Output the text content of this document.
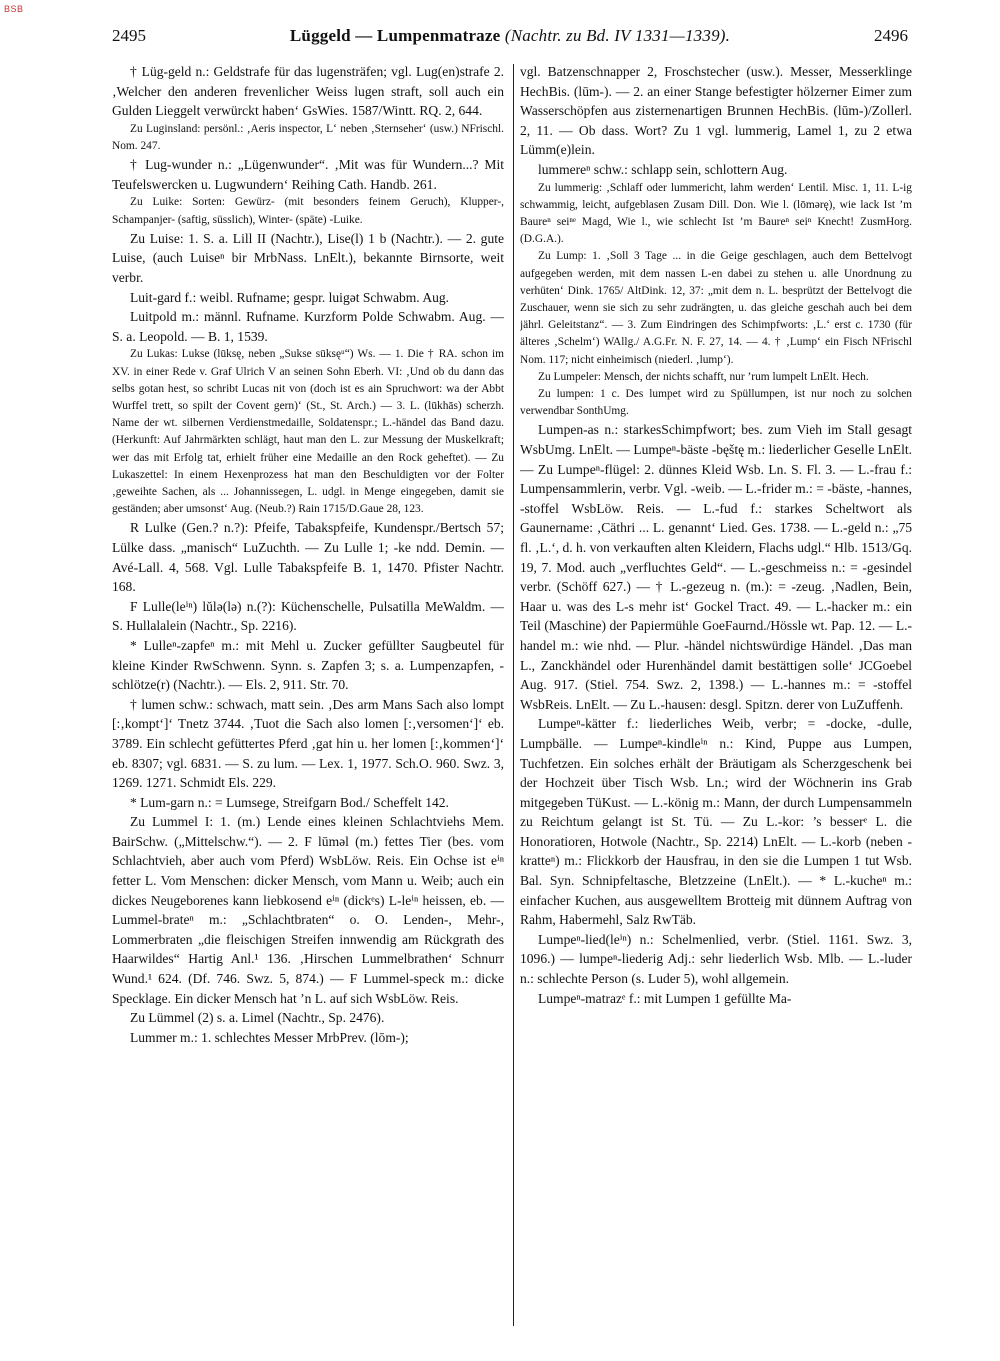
BSB
2495	Lüggeld — Lumpenmatraze (Nachtr. zu Bd. IV 1331—1339).	2496

† Lüg-geld n.: Geldstrafe für das lugensträfen; vgl. Lug(en)strafe 2. ‚Welcher den anderen frevenlicher Weiss lugen straft, soll auch ein Gulden Lieggelt verwürckt haben‘ GsWies. 1587/Wintt. RQ. 2, 644.

Zu Luginsland: persönl.: ‚Aeris inspector, L‘ neben ‚Sternseher‘ (usw.) NFrischl. Nom. 247.

† Lug-wunder n.: „Lügenwunder“. ‚Mit was für Wundern...? Mit Teufelswercken u. Lugwundern‘ Reihing Cath. Handb. 261.

Zu Luike: Sorten: Gewürz- (mit besonders feinem Geruch), Klupper-, Schampanjer- (saftig, süsslich), Winter- (späte) -Luike.

Zu Luise: 1. S. a. Lill II (Nachtr.), Lise(l) 1 b (Nachtr.). — 2. gute Luise, (auch Luiseⁿ bir MrbNass. LnElt.), bekannte Birnsorte, weit verbr.

Luit-gard f.: weibl. Rufname; gespr. luigət Schwabm. Aug.

Luitpold m.: männl. Rufname. Kurzform Polde Schwabm. Aug. — S. a. Leopold. — B. 1, 1539.

Zu Lukas: Lukse (lūksę, neben „Sukse sūksęᵘ“) Ws. — 1. Die † RA. schon im XV. in einer Rede v. Graf Ulrich V an seinen Sohn Eberh. VI: ‚Und ob du dann das selbs gotan hest, so schribt Lucas nit von (doch ist es ain Spruchwort: wa der Abbt Wurffel trett, so spilt der Covent gern)‘ (St., St. Arch.) — 3. L. (lūkhās) scherzh. Name der wt. silbernen Verdienstmedaille, Soldatenspr.; L.-händel das Band dazu. (Herkunft: Auf Jahrmärkten schlägt, haut man den L. zur Messung der Muskelkraft; wer das mit Erfolg tat, erhielt früher eine Medaille an den Rock geheftet). — Zu Lukaszettel: In einem Hexenprozess hat man den Beschuldigten vor der Folter ‚geweihte Sachen, als ... Johannissegen, L. udgl. in Menge eingegeben, damit sie geständen; aber umsonst‘ Aug. (Neub.?) Rain 1715/D.Gaue 28, 123.

R Lulke (Gen.? n.?): Pfeife, Tabakspfeife, Kundenspr./Bertsch 57; Lülke dass. „manisch“ LuZuchth. — Zu Lulle 1; -ke ndd. Demin. — Avé-Lall. 4, 568. Vgl. Lulle Tabakspfeife B. 1, 1470. Pfister Nachtr. 168.

F Lulle(leⁱⁿ) lŭlə(lə) n.(?): Küchenschelle, Pulsatilla MeWaldm. — S. Hullalalein (Nachtr., Sp. 2216).

* Lulleⁿ-zapfeⁿ m.: mit Mehl u. Zucker gefüllter Saugbeutel für kleine Kinder RwSchwenn. Synn. s. Zapfen 3; s. a. Lumpenzapfen, -schlötze(r) (Nachtr.). — Els. 2, 911. Str. 70.

† lumen schw.: schwach, matt sein. ‚Des arm Mans Sach also lompt [:‚kompt‘]‘ Tnetz 3744. ‚Tuot die Sach also lomen [:‚versomen‘]‘ eb. 3789. Ein schlecht gefüttertes Pferd ‚gat hin u. her lomen [:‚kommen‘]‘ eb. 8307; vgl. 6831. — S. zu lum. — Lex. 1, 1977. Sch.O. 960. Swz. 3, 1269. 1271. Schmidt Els. 229.

* Lum-garn n.: = Lumsege, Streifgarn Bod./ Scheffelt 142.

Zu Lummel I: 1. (m.) Lende eines kleinen Schlachtviehs Mem. BairSchw. („Mittelschw.“). — 2. F lūməl (m.) fettes Tier (bes. vom Schlachtvieh, aber auch vom Pferd) WsbLöw. Reis. Ein Ochse ist eⁱⁿ fetter L. Vom Menschen: dicker Mensch, vom Mann u. Weib; auch ein dickes Neugeborenes kann liebkosend eⁱⁿ (dickᵉs) L-leⁱⁿ heissen, eb. — Lummel-brateⁿ m.: „Schlachtbraten“ o. O. Lenden-, Mehr-, Lommerbraten „die fleischigen Streifen innwendig am Rückgrath des Haarwildes“ Hartig Anl.¹ 136. ‚Hirschen Lummelbrathen‘ Schnurr Wund.¹ 624. (Df. 746. Swz. 5, 874.) — F Lummel-speck m.: dicke Specklage. Ein dicker Mensch hat ’n L. auf sich WsbLöw. Reis.

Zu Lümmel (2) s. a. Limel (Nachtr., Sp. 2476).

Lummer m.: 1. schlechtes Messer MrbPrev. (lōm-);

vgl. Batzenschnapper 2, Froschstecher (usw.). Messer, Messerklinge HechBis. (lūm-). — 2. an einer Stange befestigter hölzerner Eimer zum Wasserschöpfen aus zisternenartigen Brunnen HechBis. (lūm-)/Zollerl. 2, 11. — Ob dass. Wort? Zu 1 vgl. lummerig, Lamel 1, zu 2 etwa Lümm(e)lein.

lummereⁿ schw.: schlapp sein, schlottern Aug.

Zu lummerig: ‚Schlaff oder lummericht, lahm werden‘ Lentil. Misc. 1, 11. L-ig schwammig, leicht, aufgeblasen Zusam Dill. Don. Wie l. (lōmərę), wie lack Ist ’m Baureⁿ seiⁿᵉ Magd, Wie l., wie schlecht Ist ’m Baureⁿ seiⁿ Knecht! ZusmHorg. (D.G.A.).

Zu Lump: 1. ‚Soll 3 Tage ... in die Geige geschlagen, auch dem Bettelvogt aufgegeben werden, mit dem nassen L-en dabei zu stehen u. alle Unordnung zu verhüten‘ Dink. 1765/ AltDink. 12, 37: „mit dem n. L. besprützt der Bettelvogt die Zuschauer, wenn sie sich zu sehr zudrängten, u. das gleiche geschah auch bei dem jährl. Geleitstanz“. — 3. Zum Eindringen des Schimpfworts: ‚L.‘ erst c. 1730 (für älteres ‚Schelm‘) WAllg./ A.G.Fr. N. F. 27, 14. — 4. † ‚Lump‘ ein Fisch NFrischl Nom. 117; nicht einheimisch (niederl. ‚lump‘).

Zu Lumpeler: Mensch, der nichts schafft, nur ’rum lumpelt LnElt. Hech.

Zu lumpen: 1 c. Des lumpet wird zu Spüllumpen, ist nur noch zu solchen verwendbar SonthUmg.

Lumpen-as n.: starkesSchimpfwort; bes. zum Vieh im Stall gesagt WsbUmg. LnElt. — Lumpeⁿ-bäste -bęštę m.: liederlicher Geselle LnElt. — Zu Lumpeⁿ-flügel: 2. dünnes Kleid Wsb. Ln. S. Fl. 3. — L.-frau f.: Lumpensammlerin, verbr. Vgl. -weib. — L.-frider m.: = -bäste, -hannes, -stoffel WsbLöw. Reis. — L.-fud f.: starkes Scheltwort als Gaunername: ‚Cäthri ... L. genannt‘ Lied. Ges. 1738. — L.-geld n.: „75 fl. ‚L.‘, d. h. von verkauften alten Kleidern, Flachs udgl.“ Hlb. 1513/Gq. 19, 7. Mod. auch „verfluchtes Geld“. — L.-geschmeiss n.: = -gesindel verbr. (Schöff 627.) — † L.-gezeug n. (m.): = -zeug. ‚Nadlen, Bein, Haar u. was des L-s mehr ist‘ Gockel Tract. 49. — L.-hacker m.: ein Teil (Maschine) der Papiermühle GoeFaurnd./Hössle wt. Pap. 12. — L.-handel m.: wie nhd. — Plur. -händel nichtswürdige Händel. ‚Das man L., Zanckhändel oder Hurenhändel damit bestättigen solle‘ JCGoebel Aug. 917. (Stiel. 754. Swz. 2, 1398.) — L.-hannes m.: = -stoffel WsbReis. LnElt. — Zu L.-hausen: desgl. Spitzn. derer von LuZuffenh.

Lumpeⁿ-kätter f.: liederliches Weib, verbr; = -docke, -dulle, Lumpbälle. — Lumpeⁿ-kindleⁱⁿ n.: Kind, Puppe aus Lumpen, Tuchfetzen. Ein solches erhält der Bräutigam als Scherzgeschenk bei der Hochzeit über Tisch Wsb. Ln.; wird der Wöchnerin ins Grab mitgegeben TüKust. — L.-könig m.: Mann, der durch Lumpensammeln zu Reichtum gelangt ist St. Tü. — Zu L.-kor: ’s besserᵉ L. die Honoratioren, Hotwole (Nachtr., Sp. 2214) LnElt. — L.-korb (neben -kratteⁿ) m.: Flickkorb der Hausfrau, in den sie die Lumpen 1 tut Wsb. Bal. Syn. Schnipfeltasche, Bletzzeine (LnElt.). — * L.-kucheⁿ m.: einfacher Kuchen, aus ausgewelltem Brotteig mit dünnem Auftrag von Rahm, Habermehl, Salz RwTäb.

Lumpeⁿ-lied(leⁱⁿ) n.: Schelmenlied, verbr. (Stiel. 1161. Swz. 3, 1096.) — lumpeⁿ-liederig Adj.: sehr liederlich Wsb. Mlb. — L.-luder n.: schlechte Person (s. Luder 5), wohl allgemein.

Lumpeⁿ-matrazᵉ f.: mit Lumpen 1 gefüllte Ma-
